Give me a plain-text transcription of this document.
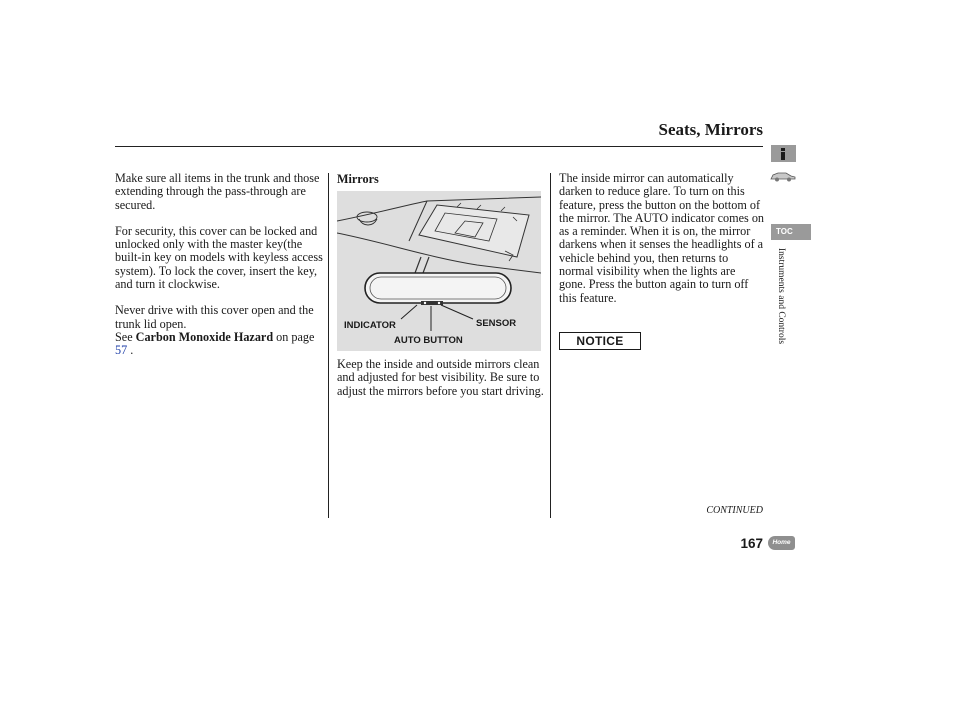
Seats, Mirrors

Make sure all items in the trunk and those extending through the pass-through are secured.

For security, this cover can be locked and unlocked only with the master key(the built-in key on models with keyless access system). To lock the cover, insert the key, and turn it clockwise.

Never drive with this cover open and the trunk lid open.

See Carbon Monoxide Hazard on page 57 .

Mirrors
INDICATOR	SENSOR
AUTO BUTTON
Keep the inside and outside mirrors clean and adjusted for best visibility. Be sure to adjust the mirrors before you start driving.
The inside mirror can automatically darken to reduce glare. To turn on this feature, press the button on the bottom of the mirror. The AUTO indicator comes on as a reminder. When it is on, the mirror darkens when it senses the headlights of a vehicle behind you, then returns to normal visibility when the lights are gone. Press the button again to turn off this feature.
NOTICE
CONTINUED
167
TOC
Instruments and Controls
Home
